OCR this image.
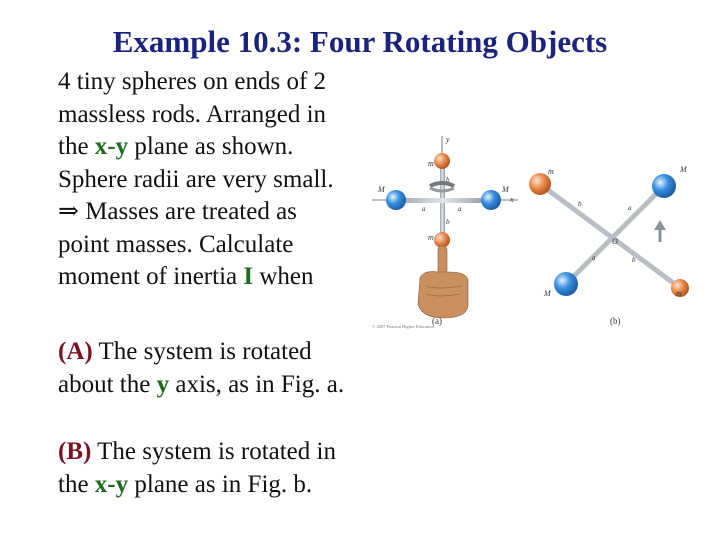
Example 10.3: Four Rotating Objects
4 tiny spheres on ends of 2
massless rods. Arranged in
the x-y plane as shown.
Sphere radii are very small.
⇒ Masses are treated as
point masses. Calculate
moment of inertia I when
(A) The system is rotated
about the y axis, as in Fig. a.
(B) The system is rotated in
the x-y plane as in Fig. b.
y
x
m
m
M	M
b
b
a	a
© 2007 Pearson Higher Education
(a)
m	M
M	m
a
a
b
b
O
(b)
